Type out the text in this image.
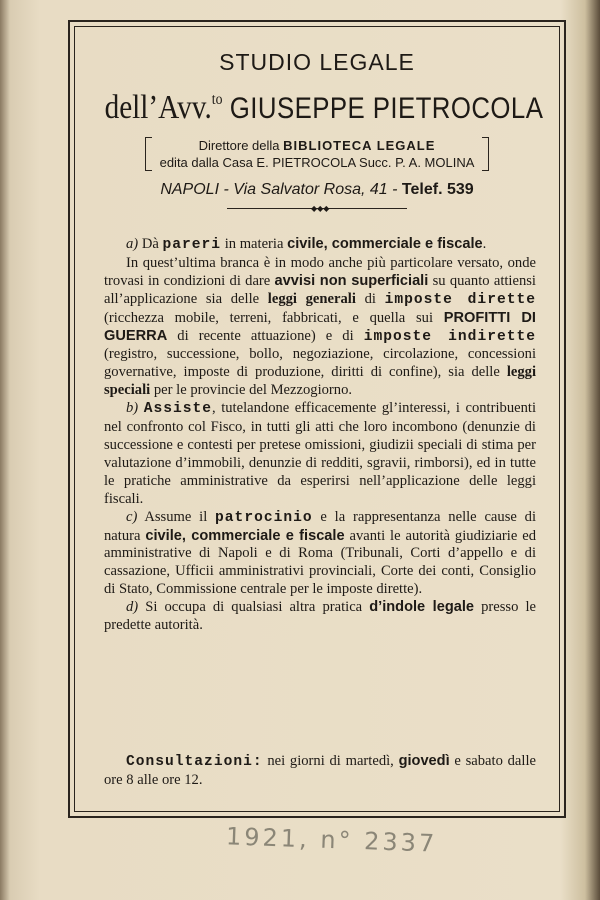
STUDIO LEGALE
dell’Avv.$^{to}$ GIUSEPPE PIETROCOLA
Direttore della BIBLIOTECA LEGALE
edita dalla Casa E. PIETROCOLA Succ. P. A. MOLINA
NAPOLI - Via Salvator Rosa, 41 - Telef. 539
◆◆◆

a) Dà pareri in materia civile, commerciale e fiscale.

In quest’ultima branca è in modo anche più particolare versato, onde trovasi in condizioni di dare avvisi non superficiali su quanto attiensi all’applicazione sia delle leggi generali di imposte dirette (ricchezza mobile, terreni, fabbricati, e quella sui PROFITTI DI GUERRA di recente attuazione) e di imposte indirette (registro, successione, bollo, negoziazione, circolazione, concessioni governative, imposte di produzione, diritti di confine), sia delle leggi speciali per le provincie del Mezzogiorno.

b) Assiste, tutelandone efficacemente gl’interessi, i contribuenti nel confronto col Fisco, in tutti gli atti che loro incombono (denunzie di successione e contesti per pretese omissioni, giudizii speciali di stima per valutazione d’immobili, denunzie di redditi, sgravii, rimborsi), ed in tutte le pratiche amministrative da esperirsi nell’applicazione delle leggi fiscali.

c) Assume il patrocinio e la rappresentanza nelle cause di natura civile, commerciale e fiscale avanti le autorità giudiziarie ed amministrative di Napoli e di Roma (Tribunali, Corti d’appello e di cassazione, Ufficii amministrativi provinciali, Corte dei conti, Consiglio di Stato, Commissione centrale per le imposte dirette).

d) Si occupa di qualsiasi altra pratica d’indole legale presso le predette autorità.

Consultazioni: nei giorni di martedì, giovedì e sabato dalle ore 8 alle ore 12.

1921, n° 2337
